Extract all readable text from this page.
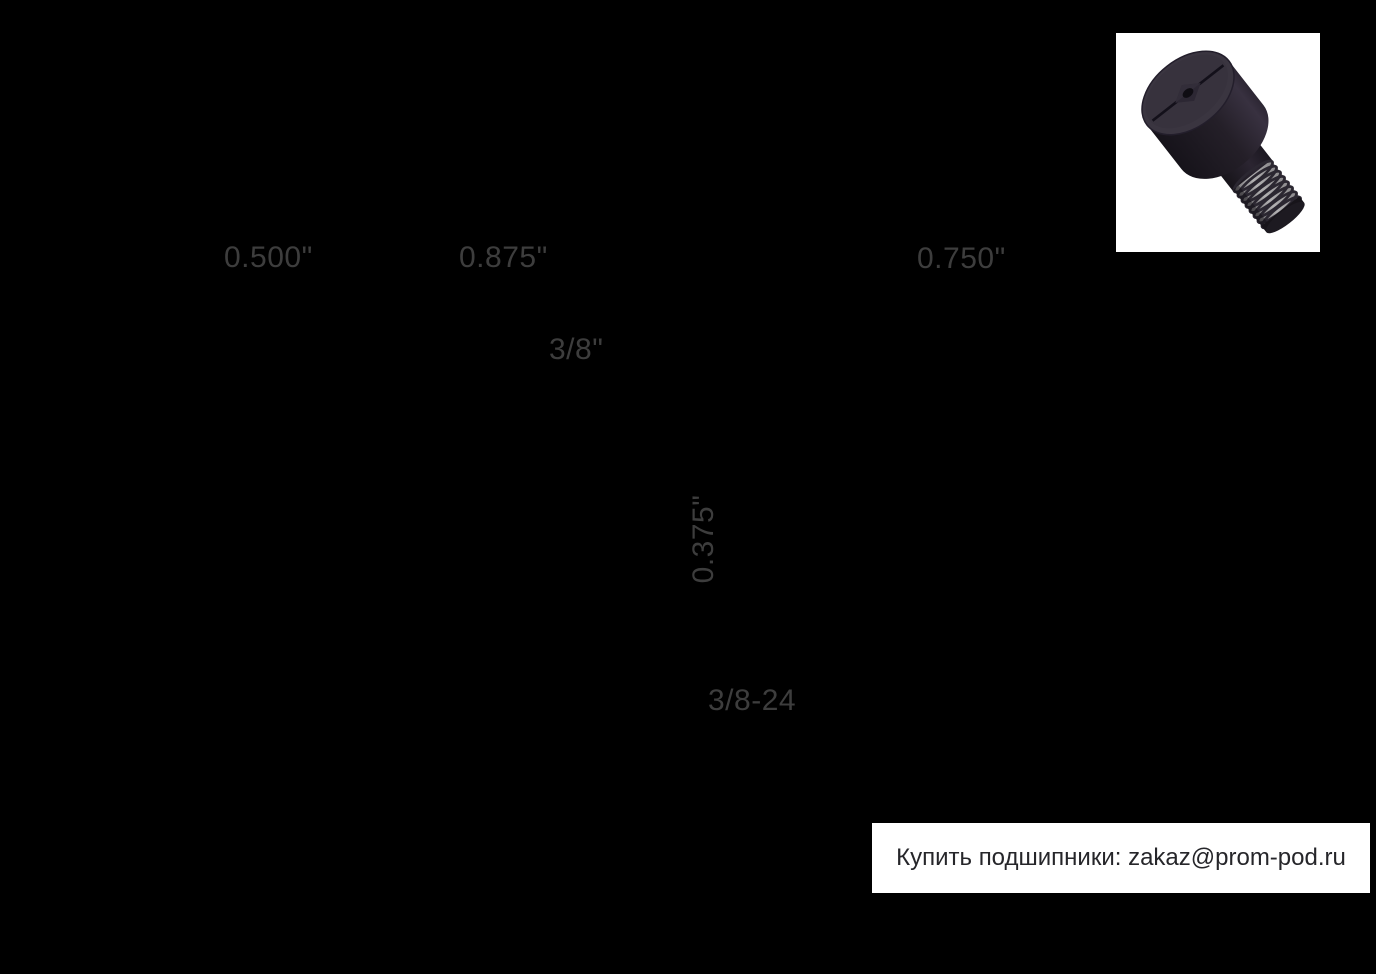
0.500"	0.875"	0.750"
3/8"
0.375"
3/8-24
Купить подшипники: zakaz@prom-pod.ru
